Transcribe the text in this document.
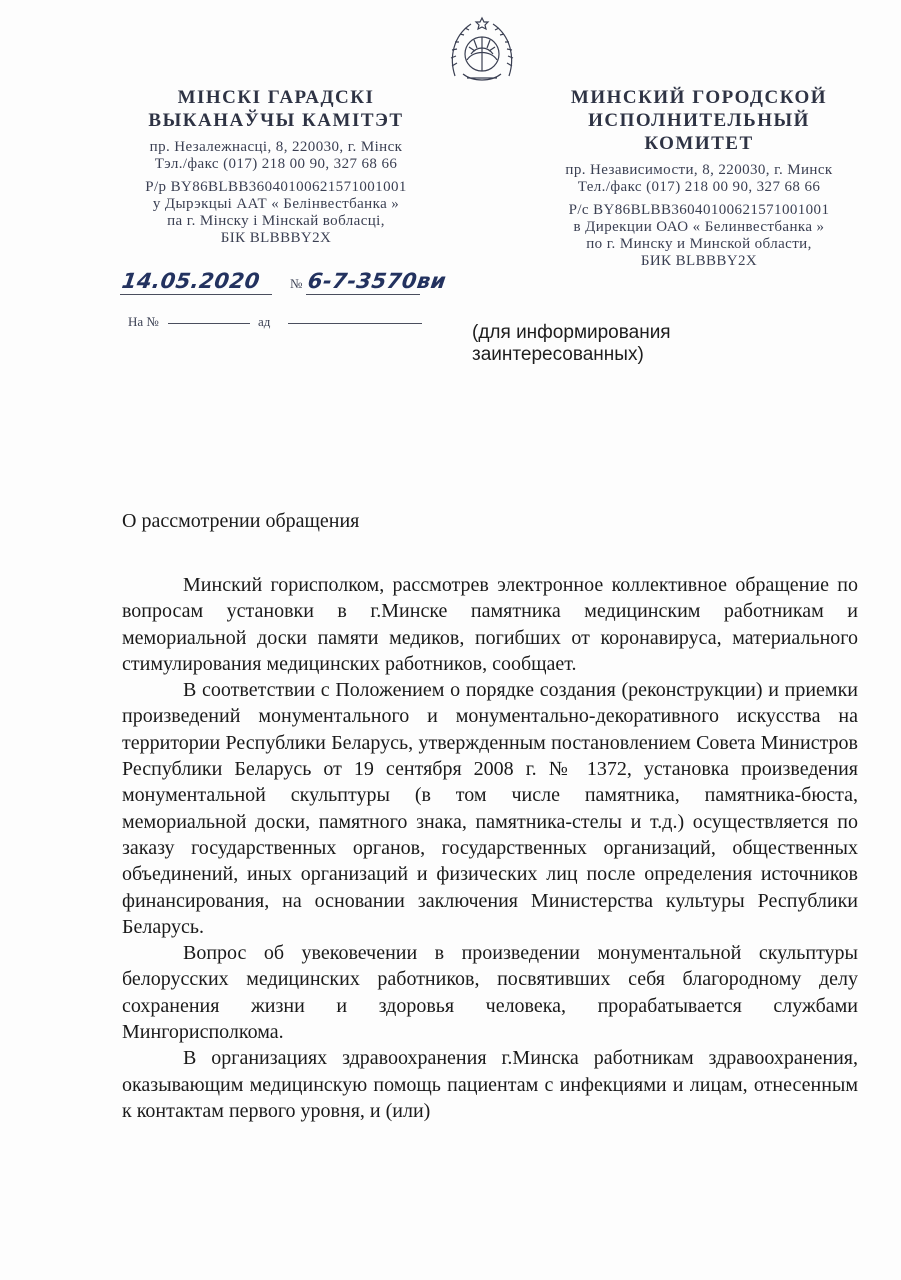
МІНСКІ ГАРАДСКІ

ВЫКАНАЎЧЫ КАМІТЭТ

пр. Незалежнасці, 8, 220030, г. Мінск
Тэл./факс (017) 218 00 90, 327 68 66
Р/р BY86BLBB36040100621571001001
у Дырэкцыі ААТ « Белінвестбанка »
па г. Мінску і Мінскай вобласці,
БІК BLBBBY2X

МИНСКИЙ ГОРОДСКОЙ

ИСПОЛНИТЕЛЬНЫЙ КОМИТЕТ

пр. Независимости, 8, 220030, г. Минск
Тел./факс (017) 218 00 90, 327 68 66
Р/с BY86BLBB36040100621571001001
в Дирекции ОАО « Белинвестбанка »
по г. Минску и Минской области,
БИК BLBBBY2X
14.05.2020 № 6-7-3570ви
На №	ад
(для информирования
заинтересованных)
О рассмотрении обращения

Минский горисполком, рассмотрев электронное коллективное обращение по вопросам установки в г.Минске памятника медицинским работникам и мемориальной доски памяти медиков, погибших от коронавируса, материального стимулирования медицинских работников, сообщает.

В соответствии с Положением о порядке создания (реконструкции) и приемки произведений монументального и монументально-декоративного искусства на территории Республики Беларусь, утвержденным постановлением Совета Министров Республики Беларусь от 19 сентября 2008 г. № 1372, установка произведения монументальной скульптуры (в том числе памятника, памятника-бюста, мемориальной доски, памятного знака, памятника-стелы и т.д.) осуществляется по заказу государственных органов, государственных организаций, общественных объединений, иных организаций и физических лиц после определения источников финансирования, на основании заключения Министерства культуры Республики Беларусь.

Вопрос об увековечении в произведении монументальной скульптуры белорусских медицинских работников, посвятивших себя благородному делу сохранения жизни и здоровья человека, прорабатывается службами Мингорисполкома.

В организациях здравоохранения г.Минска работникам здравоохранения, оказывающим медицинскую помощь пациентам с инфекциями и лицам, отнесенным к контактам первого уровня, и (или)
